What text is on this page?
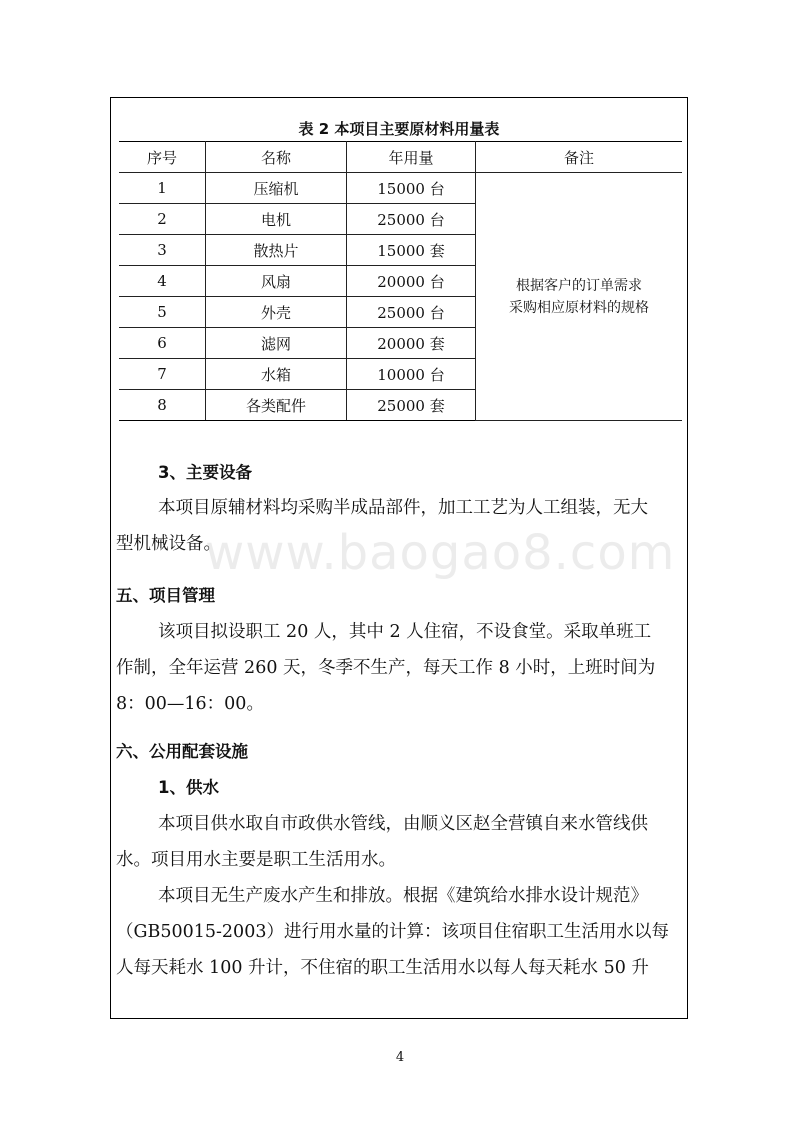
表 2 本项目主要原材料用量表
序号	名称	年用量	备注
1	压缩机	15000 台	根据客户的订单需求
采购相应原材料的规格

2	电机	25000 台	
3	散热片	15000 套	
4	风扇	20000 台	
5	外壳	25000 台	
6	滤网	20000 套	
7	水箱	10000 台	
8	各类配件	25000 套	
3、主要设备
本项目原辅材料均采购半成品部件，加工工艺为人工组装，无大
型机械设备。
五、项目管理
该项目拟设职工 20 人，其中 2 人住宿，不设食堂。采取单班工
作制，全年运营 260 天，冬季不生产，每天工作 8 小时，上班时间为
8：00—16：00。
六、公用配套设施
1、供水
本项目供水取自市政供水管线，由顺义区赵全营镇自来水管线供
水。项目用水主要是职工生活用水。
本项目无生产废水产生和排放。根据《建筑给水排水设计规范》
（GB50015-2003）进行用水量的计算：该项目住宿职工生活用水以每
人每天耗水 100 升计，不住宿的职工生活用水以每人每天耗水 50 升
www.baogao8.com
4
